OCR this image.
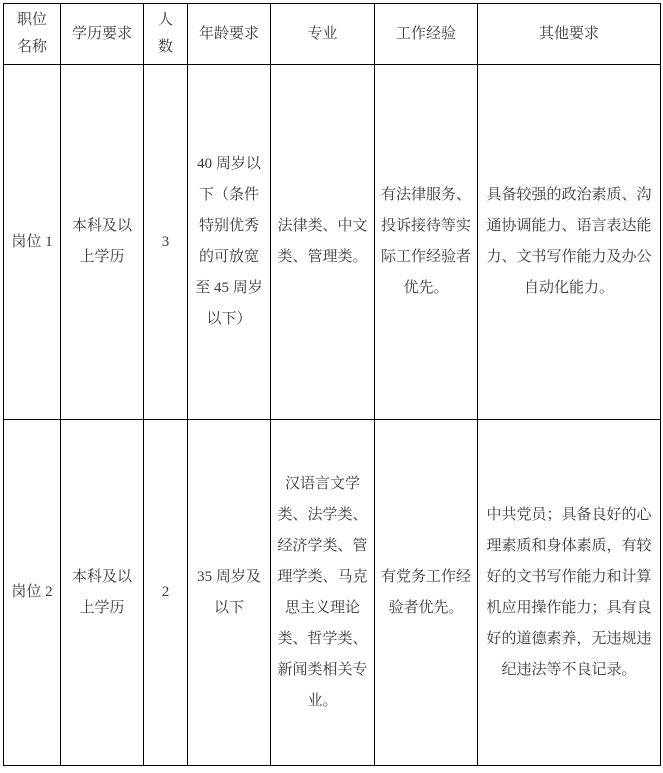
职位名称	学历要求	人数	年龄要求	专业	工作经验	其他要求
岗位 1	本科及以上学历	3	40 周岁以下（条件特别优秀的可放宽至 45 周岁以下）	法律类、中文类、管理类。	有法律服务、投诉接待等实际工作经验者优先。	具备较强的政治素质、沟通协调能力、语言表达能力、文书写作能力及办公自动化能力。
岗位 2	本科及以上学历	2	35 周岁及以下	汉语言文学类、法学类、经济学类、管理学类、马克思主义理论类、哲学类、新闻类相关专业。	有党务工作经验者优先。	中共党员；具备良好的心理素质和身体素质，有较好的文书写作能力和计算机应用操作能力；具有良好的道德素养，无违规违纪违法等不良记录。
